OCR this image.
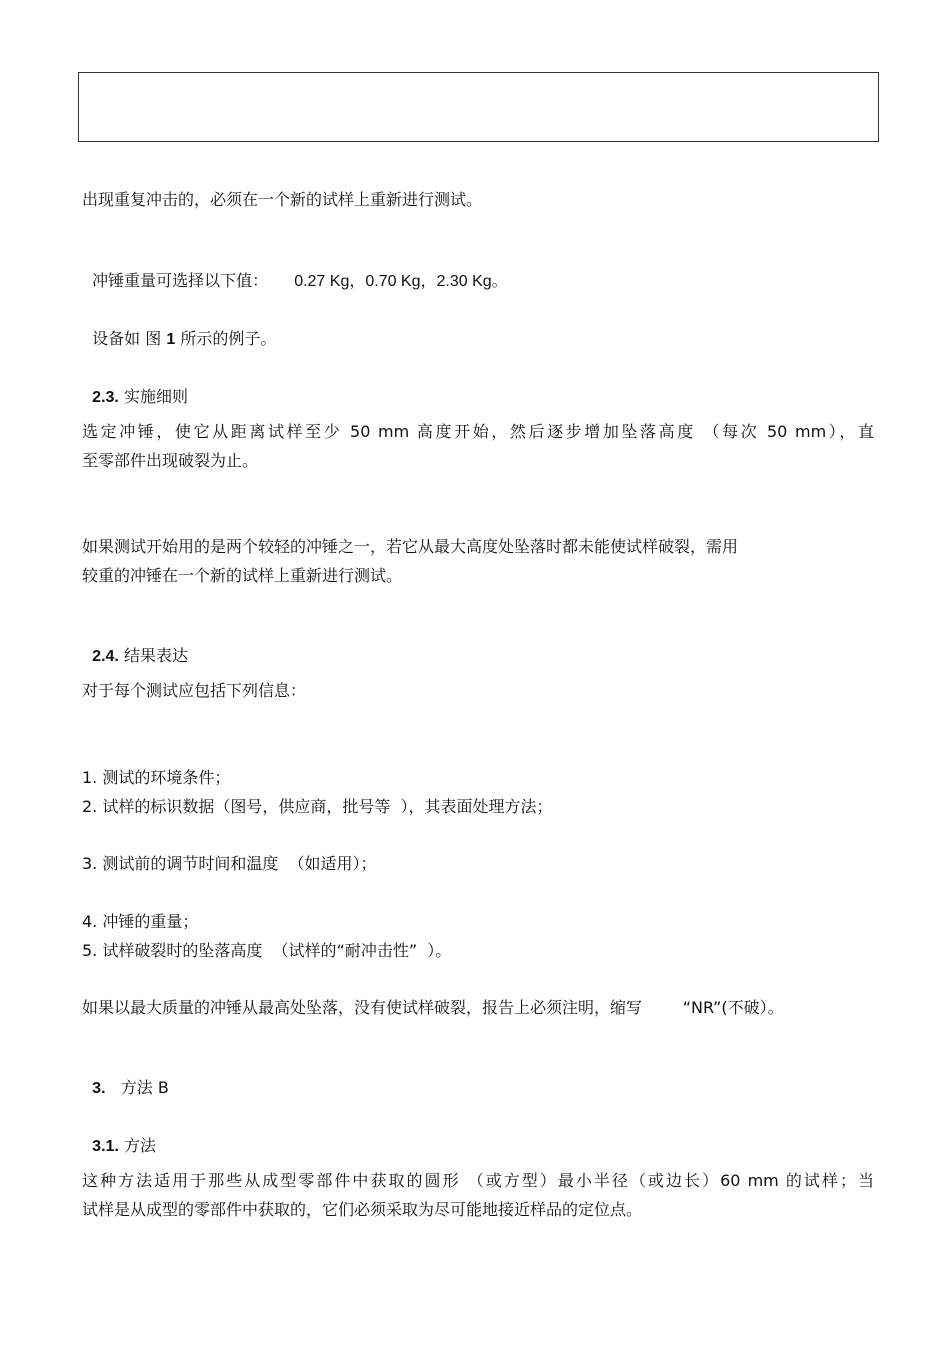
出现重复冲击的，必须在一个新的试样上重新进行测试。

冲锤重量可选择以下值： 0.27 Kg，0.70 Kg，2.30 Kg。

设备如 图 1 所示的例子。

2.3. 实施细则

选定冲锤，使它从距离试样至少 50 mm 高度开始，然后逐步增加坠落高度 （每次 50 mm），直
至零部件出现破裂为止。
如果测试开始用的是两个较轻的冲锤之一，若它从最大高度处坠落时都未能使试样破裂，需用
较重的冲锤在一个新的试样上重新进行测试。

2.4. 结果表达

对于每个测试应包括下列信息：
1. 测试的环境条件；
2. 试样的标识数据（图号，供应商，批号等  ），其表面处理方法；
3. 测试前的调节时间和温度  （如适用）；
4. 冲锤的重量；
5. 试样破裂时的坠落高度  （试样的“耐冲击性”  ）。
如果以最大质量的冲锤从最高处坠落，没有使试样破裂，报告上必须注明，缩写        “NR”(不破）。

3.   方法 B

3.1. 方法

这种方法适用于那些从成型零部件中获取的圆形 （或方型）最小半径（或边长）60 mm 的试样；当
试样是从成型的零部件中获取的，它们必须采取为尽可能地接近样品的定位点。
